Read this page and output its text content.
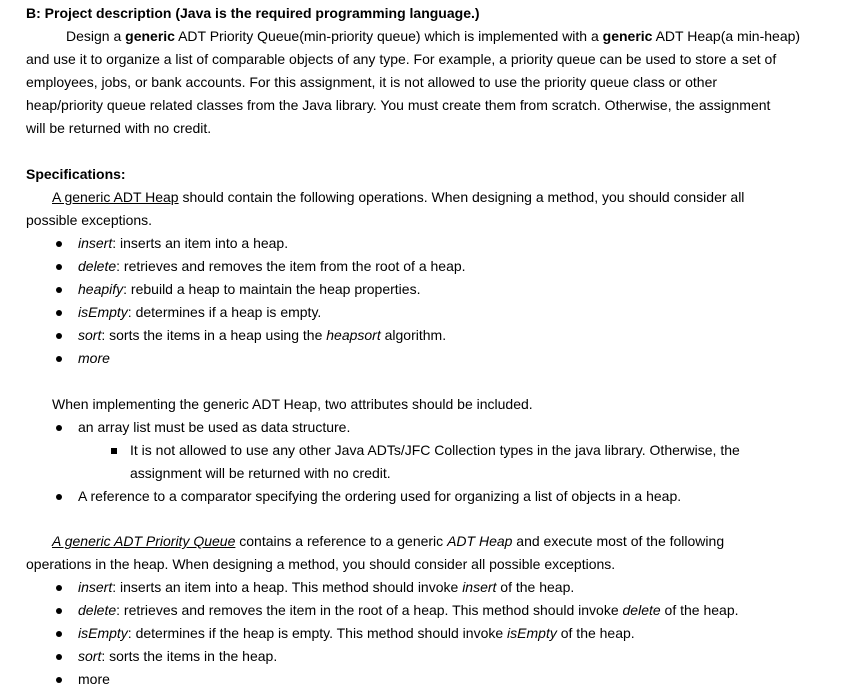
B: Project description (Java is the required programming language.)
Design a generic ADT Priority Queue(min-priority queue) which is implemented with a generic ADT Heap(a min-heap)
and use it to organize a list of comparable objects of any type. For example, a priority queue can be used to store a set of
employees, jobs, or bank accounts. For this assignment, it is not allowed to use the priority queue class or other
heap/priority queue related classes from the Java library. You must create them from scratch. Otherwise, the assignment
will be returned with no credit.
Specifications:
A generic ADT Heap should contain the following operations. When designing a method, you should consider all
possible exceptions.
insert: inserts an item into a heap.
delete: retrieves and removes the item from the root of a heap.
heapify: rebuild a heap to maintain the heap properties.
isEmpty: determines if a heap is empty.
sort: sorts the items in a heap using the heapsort algorithm.
more
When implementing the generic ADT Heap, two attributes should be included.
an array list must be used as data structure.
It is not allowed to use any other Java ADTs/JFC Collection types in the java library. Otherwise, the
assignment will be returned with no credit.
A reference to a comparator specifying the ordering used for organizing a list of objects in a heap.
A generic ADT Priority Queue contains a reference to a generic ADT Heap and execute most of the following
operations in the heap. When designing a method, you should consider all possible exceptions.
insert: inserts an item into a heap. This method should invoke insert of the heap.
delete: retrieves and removes the item in the root of a heap. This method should invoke delete of the heap.
isEmpty: determines if the heap is empty. This method should invoke isEmpty of the heap.
sort: sorts the items in the heap.
more
